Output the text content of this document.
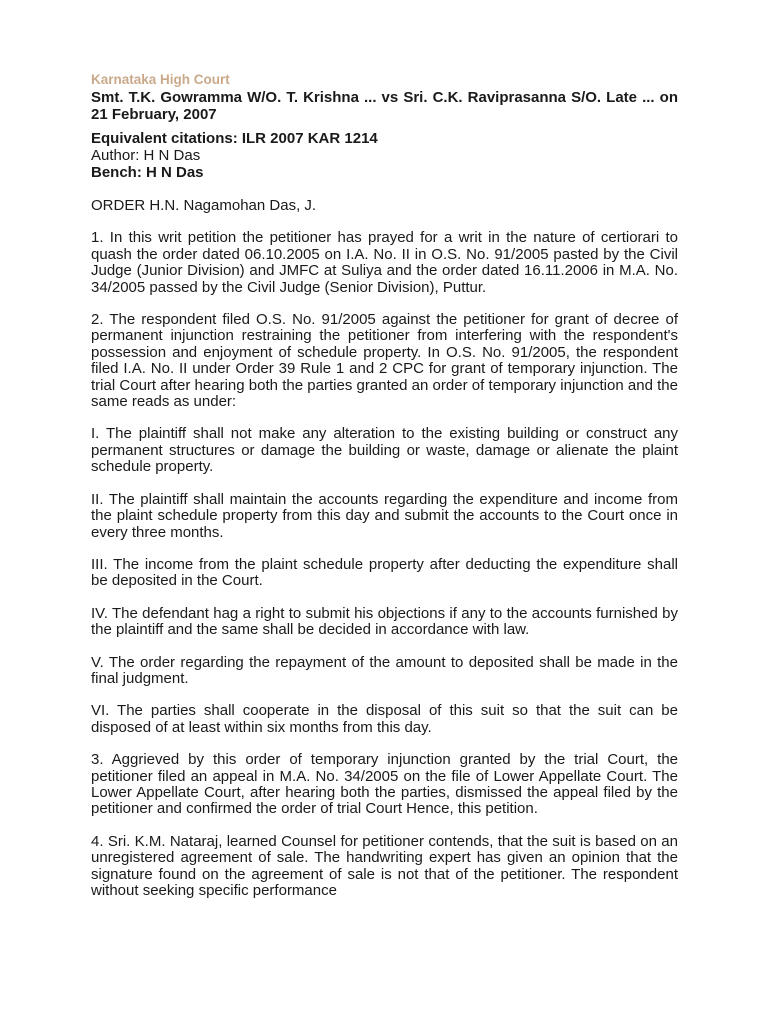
Karnataka High Court
Smt. T.K. Gowramma W/O. T. Krishna ... vs Sri. C.K. Raviprasanna S/O. Late ... on 21 February, 2007
Equivalent citations: ILR 2007 KAR 1214
Author: H N Das
Bench: H N Das

ORDER H.N. Nagamohan Das, J.

1. In this writ petition the petitioner has prayed for a writ in the nature of certiorari to quash the order dated 06.10.2005 on I.A. No. II in O.S. No. 91/2005 pasted by the Civil Judge (Junior Division) and JMFC at Suliya and the order dated 16.11.2006 in M.A. No. 34/2005 passed by the Civil Judge (Senior Division), Puttur.

2. The respondent filed O.S. No. 91/2005 against the petitioner for grant of decree of permanent injunction restraining the petitioner from interfering with the respondent's possession and enjoyment of schedule property. In O.S. No. 91/2005, the respondent filed I.A. No. II under Order 39 Rule 1 and 2 CPC for grant of temporary injunction. The trial Court after hearing both the parties granted an order of temporary injunction and the same reads as under:

I. The plaintiff shall not make any alteration to the existing building or construct any permanent structures or damage the building or waste, damage or alienate the plaint schedule property.

II. The plaintiff shall maintain the accounts regarding the expenditure and income from the plaint schedule property from this day and submit the accounts to the Court once in every three months.

III. The income from the plaint schedule property after deducting the expenditure shall be deposited in the Court.

IV. The defendant hag a right to submit his objections if any to the accounts furnished by the plaintiff and the same shall be decided in accordance with law.

V. The order regarding the repayment of the amount to deposited shall be made in the final judgment.

VI. The parties shall cooperate in the disposal of this suit so that the suit can be disposed of at least within six months from this day.

3. Aggrieved by this order of temporary injunction granted by the trial Court, the petitioner filed an appeal in M.A. No. 34/2005 on the file of Lower Appellate Court. The Lower Appellate Court, after hearing both the parties, dismissed the appeal filed by the petitioner and confirmed the order of trial Court Hence, this petition.

4. Sri. K.M. Nataraj, learned Counsel for petitioner contends, that the suit is based on an unregistered agreement of sale. The handwriting expert has given an opinion that the signature found on the agreement of sale is not that of the petitioner. The respondent without seeking specific performance
